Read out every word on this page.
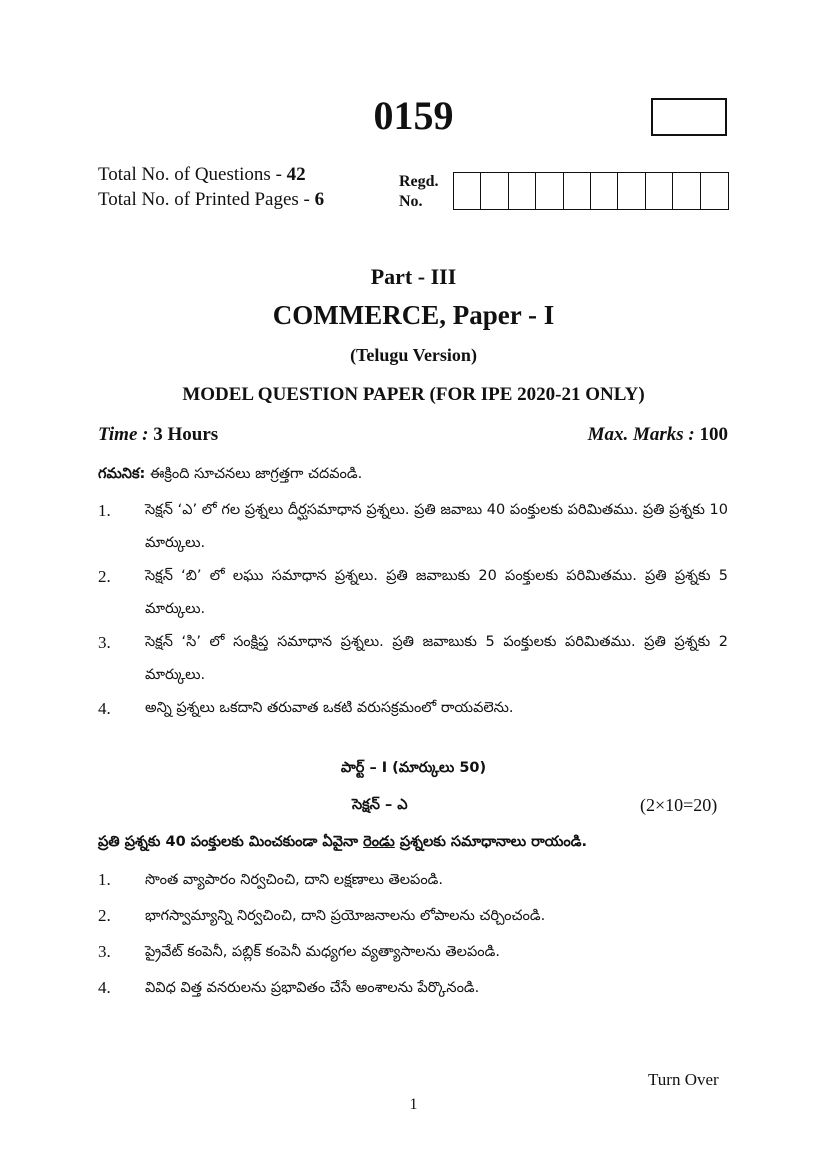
0159
Total No. of Questions - 42
Total No. of Printed Pages - 6
Regd.
No.
Part - III
COMMERCE, Paper - I
(Telugu Version)
MODEL QUESTION PAPER (FOR IPE 2020-21 ONLY)
Time : 3 Hours	Max. Marks : 100
గమనిక: ఈక్రింది సూచనలు జాగ్రత్తగా చదవండి.
1.	సెక్షన్ ‘ఎ’ లో గల ప్రశ్నలు దీర్ఘసమాధాన ప్రశ్నలు. ప్రతి జవాబు 40 పంక్తులకు పరిమితము. ప్రతి ప్రశ్నకు 10 మార్కులు.
2.	సెక్షన్ ‘బి’ లో లఘు సమాధాన ప్రశ్నలు. ప్రతి జవాబుకు 20 పంక్తులకు పరిమితము. ప్రతి ప్రశ్నకు 5 మార్కులు.
3.	సెక్షన్ ‘సి’ లో సంక్షిప్త సమాధాన ప్రశ్నలు. ప్రతి జవాబుకు 5 పంక్తులకు పరిమితము. ప్రతి ప్రశ్నకు 2 మార్కులు.
4.	అన్ని ప్రశ్నలు ఒకదాని తరువాత ఒకటి వరుసక్రమంలో రాయవలెను.
పార్ట్ – I (మార్కులు 50)
సెక్షన్ – ఎ	(2×10=20)
ప్రతి ప్రశ్నకు 40 పంక్తులకు మించకుండా ఏవైనా రెండు ప్రశ్నలకు సమాధానాలు రాయండి.
1.	సొంత వ్యాపారం నిర్వచించి, దాని లక్షణాలు తెలపండి.
2.	భాగస్వామ్యాన్ని నిర్వచించి, దాని ప్రయోజనాలను లోపాలను చర్చించండి.
3.	ప్రైవేట్ కంపెనీ, పబ్లిక్ కంపెనీ మధ్యగల వ్యత్యాసాలను తెలపండి.
4.	వివిధ విత్త వనరులను ప్రభావితం చేసే అంశాలను పేర్కొనండి.
Turn Over
1
